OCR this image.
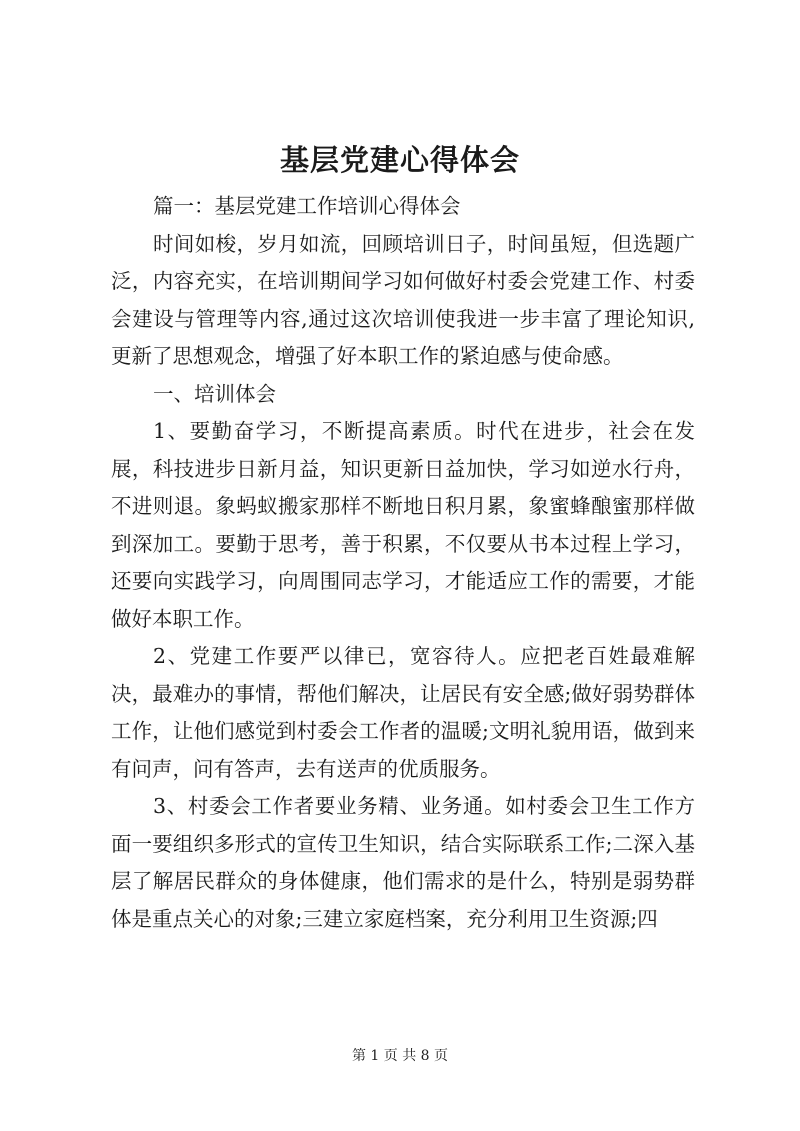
基层党建心得体会

篇一：基层党建工作培训心得体会

时间如梭，岁月如流，回顾培训日子，时间虽短，但选题广泛，内容充实，在培训期间学习如何做好村委会党建工作、村委会建设与管理等内容,通过这次培训使我进一步丰富了理论知识,更新了思想观念，增强了好本职工作的紧迫感与使命感。

一、培训体会

1、要勤奋学习，不断提高素质。时代在进步，社会在发展，科技进步日新月益，知识更新日益加快，学习如逆水行舟，不进则退。象蚂蚁搬家那样不断地日积月累，象蜜蜂酿蜜那样做到深加工。要勤于思考，善于积累，不仅要从书本过程上学习，还要向实践学习，向周围同志学习，才能适应工作的需要，才能做好本职工作。

2、党建工作要严以律已，宽容待人。应把老百姓最难解决，最难办的事情，帮他们解决，让居民有安全感;做好弱势群体工作，让他们感觉到村委会工作者的温暖;文明礼貌用语，做到来有问声，问有答声，去有送声的优质服务。

3、村委会工作者要业务精、业务通。如村委会卫生工作方面一要组织多形式的宣传卫生知识，结合实际联系工作;二深入基层了解居民群众的身体健康，他们需求的是什么，特别是弱势群体是重点关心的对象;三建立家庭档案，充分利用卫生资源;四

第 1 页 共 8 页
